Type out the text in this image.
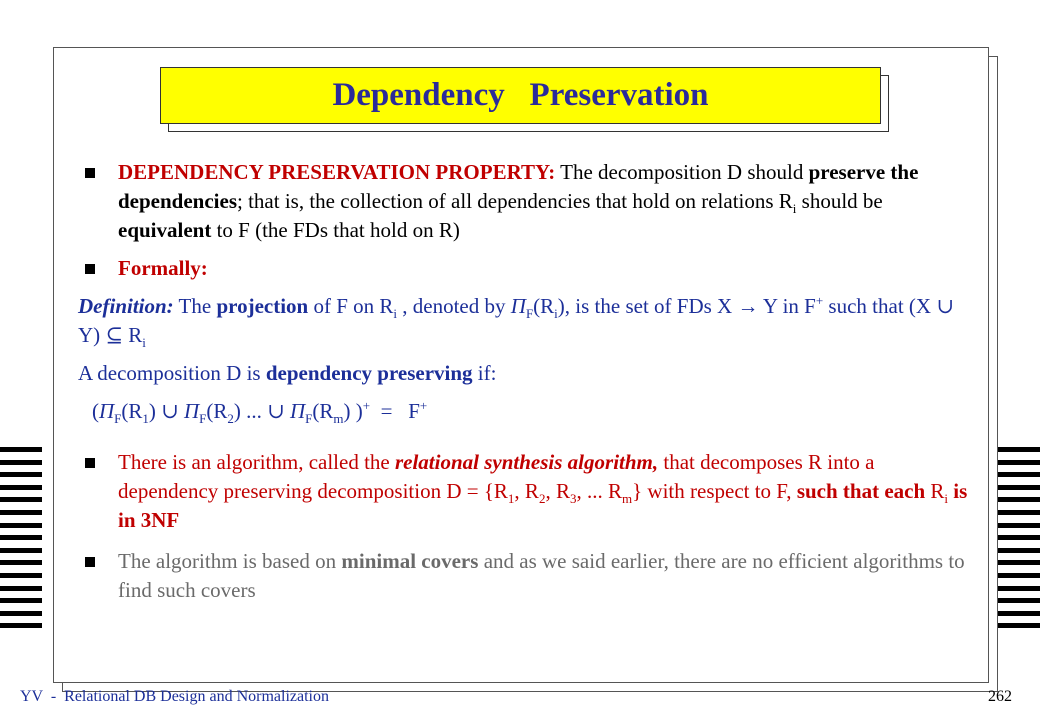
Dependency   Preservation
DEPENDENCY PRESERVATION PROPERTY: The decomposition D should preserve the dependencies; that is, the collection of all dependencies that hold on relations $R_i$ should be equivalent to F (the FDs that hold on R)
Formally:
Definition: The projection of F on $R_i$ , denoted by $\Pi_F(R_i)$, is the set of FDs X → Y in F+ such that (X ∪ Y) ⊆ $R_i$
A decomposition D is dependency preserving if:
($\Pi_F(R_1)$ ∪ $\Pi_F(R_2)$ ... ∪ $\Pi_F(R_m) )^+ = F^+$
There is an algorithm, called the relational synthesis algorithm, that decomposes R into a dependency preserving decomposition $D = \{R_1$, $R_2$, $R_3$, ... $R_m$} with respect to F, such that each $R_i$ is in 3NF
The algorithm is based on minimal covers and as we said earlier, there are no efficient algorithms to find such covers
YV  -  Relational DB Design and Normalization	262
